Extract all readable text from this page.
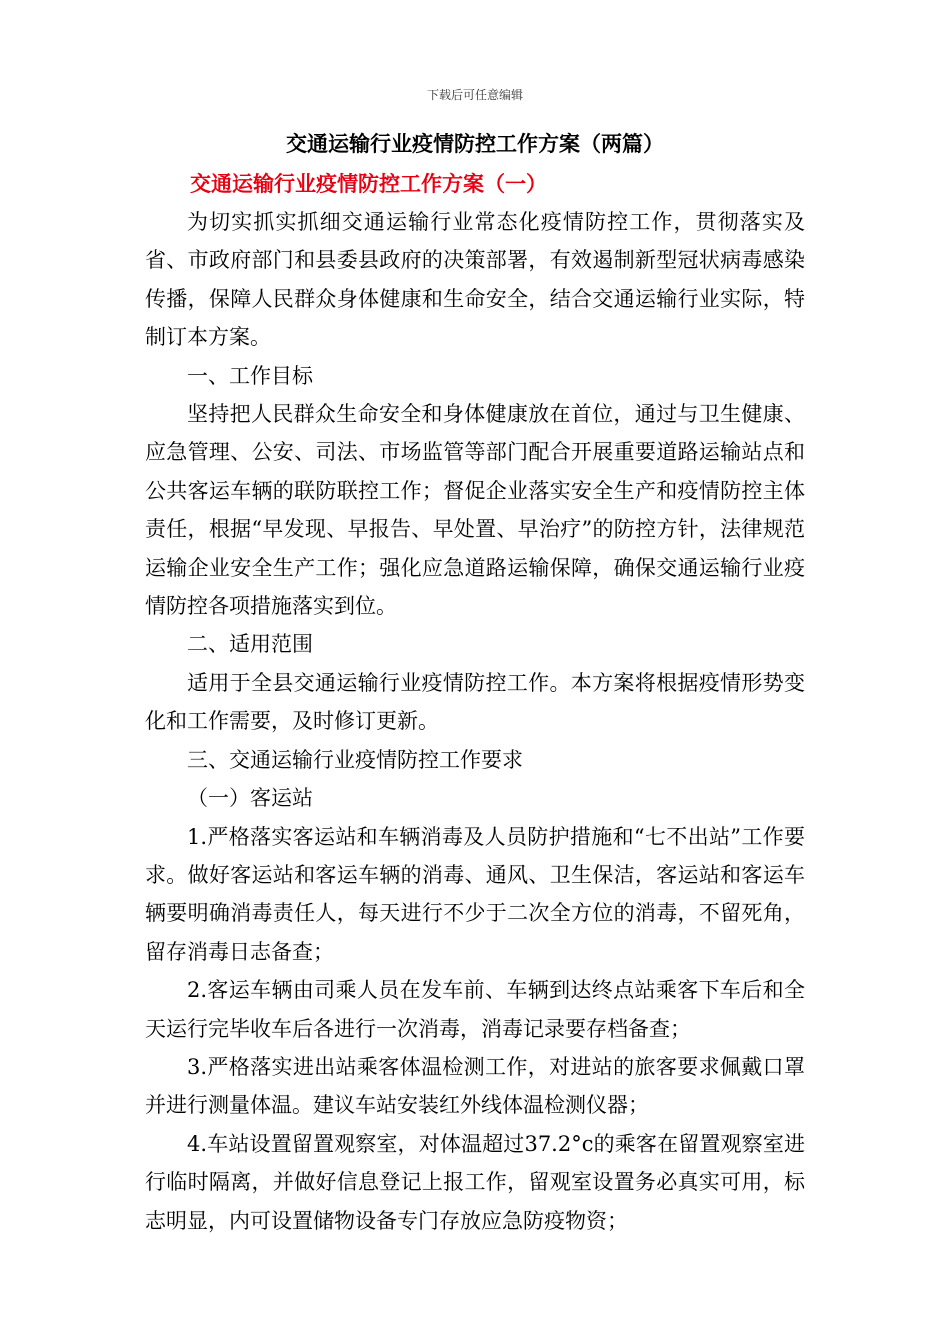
下载后可任意编辑
交通运输行业疫情防控工作方案（两篇）
交通运输行业疫情防控工作方案（一）

为切实抓实抓细交通运输行业常态化疫情防控工作，贯彻落实及省、市政府部门和县委县政府的决策部署，有效遏制新型冠状病毒感染传播，保障人民群众身体健康和生命安全，结合交通运输行业实际，特制订本方案。

一、工作目标

坚持把人民群众生命安全和身体健康放在首位，通过与卫生健康、应急管理、公安、司法、市场监管等部门配合开展重要道路运输站点和公共客运车辆的联防联控工作；督促企业落实安全生产和疫情防控主体责任，根据“早发现、早报告、早处置、早治疗”的防控方针，法律规范运输企业安全生产工作；强化应急道路运输保障，确保交通运输行业疫情防控各项措施落实到位。

二、适用范围

适用于全县交通运输行业疫情防控工作。本方案将根据疫情形势变化和工作需要，及时修订更新。

三、交通运输行业疫情防控工作要求

（一）客运站

1.严格落实客运站和车辆消毒及人员防护措施和“七不出站”工作要求。做好客运站和客运车辆的消毒、通风、卫生保洁，客运站和客运车辆要明确消毒责任人，每天进行不少于二次全方位的消毒，不留死角，留存消毒日志备查；

2.客运车辆由司乘人员在发车前、车辆到达终点站乘客下车后和全天运行完毕收车后各进行一次消毒，消毒记录要存档备查；

3.严格落实进出站乘客体温检测工作，对进站的旅客要求佩戴口罩并进行测量体温。建议车站安装红外线体温检测仪器；

4.车站设置留置观察室，对体温超过37.2°c的乘客在留置观察室进行临时隔离，并做好信息登记上报工作，留观室设置务必真实可用，标志明显，内可设置储物设备专门存放应急防疫物资；
